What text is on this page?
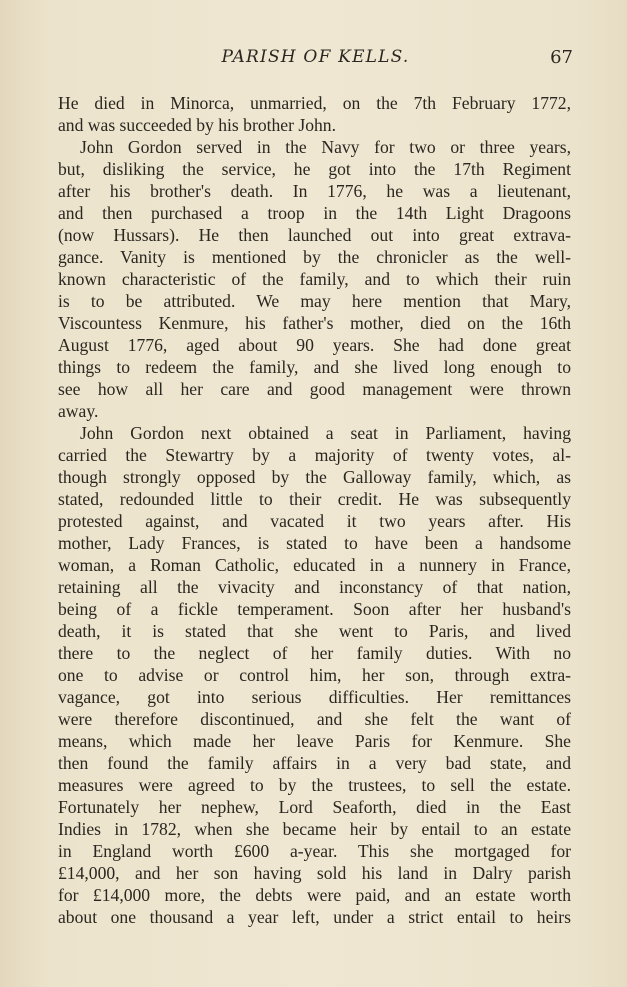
PARISH OF KELLS.	67
He died in Minorca, unmarried, on the 7th February 1772,
and was succeeded by his brother John.
John Gordon served in the Navy for two or three years,
but, disliking the service, he got into the 17th Regiment
after his brother's death. In 1776, he was a lieutenant,
and then purchased a troop in the 14th Light Dragoons
(now Hussars). He then launched out into great extrava-
gance. Vanity is mentioned by the chronicler as the well-
known characteristic of the family, and to which their ruin
is to be attributed. We may here mention that Mary,
Viscountess Kenmure, his father's mother, died on the 16th
August 1776, aged about 90 years. She had done great
things to redeem the family, and she lived long enough to
see how all her care and good management were thrown
away.
John Gordon next obtained a seat in Parliament, having
carried the Stewartry by a majority of twenty votes, al-
though strongly opposed by the Galloway family, which, as
stated, redounded little to their credit. He was subsequently
protested against, and vacated it two years after. His
mother, Lady Frances, is stated to have been a handsome
woman, a Roman Catholic, educated in a nunnery in France,
retaining all the vivacity and inconstancy of that nation,
being of a fickle temperament. Soon after her husband's
death, it is stated that she went to Paris, and lived
there to the neglect of her family duties. With no
one to advise or control him, her son, through extra-
vagance, got into serious difficulties. Her remittances
were therefore discontinued, and she felt the want of
means, which made her leave Paris for Kenmure. She
then found the family affairs in a very bad state, and
measures were agreed to by the trustees, to sell the estate.
Fortunately her nephew, Lord Seaforth, died in the East
Indies in 1782, when she became heir by entail to an estate
in England worth £600 a-year. This she mortgaged for
£14,000, and her son having sold his land in Dalry parish
for £14,000 more, the debts were paid, and an estate worth
about one thousand a year left, under a strict entail to heirs
